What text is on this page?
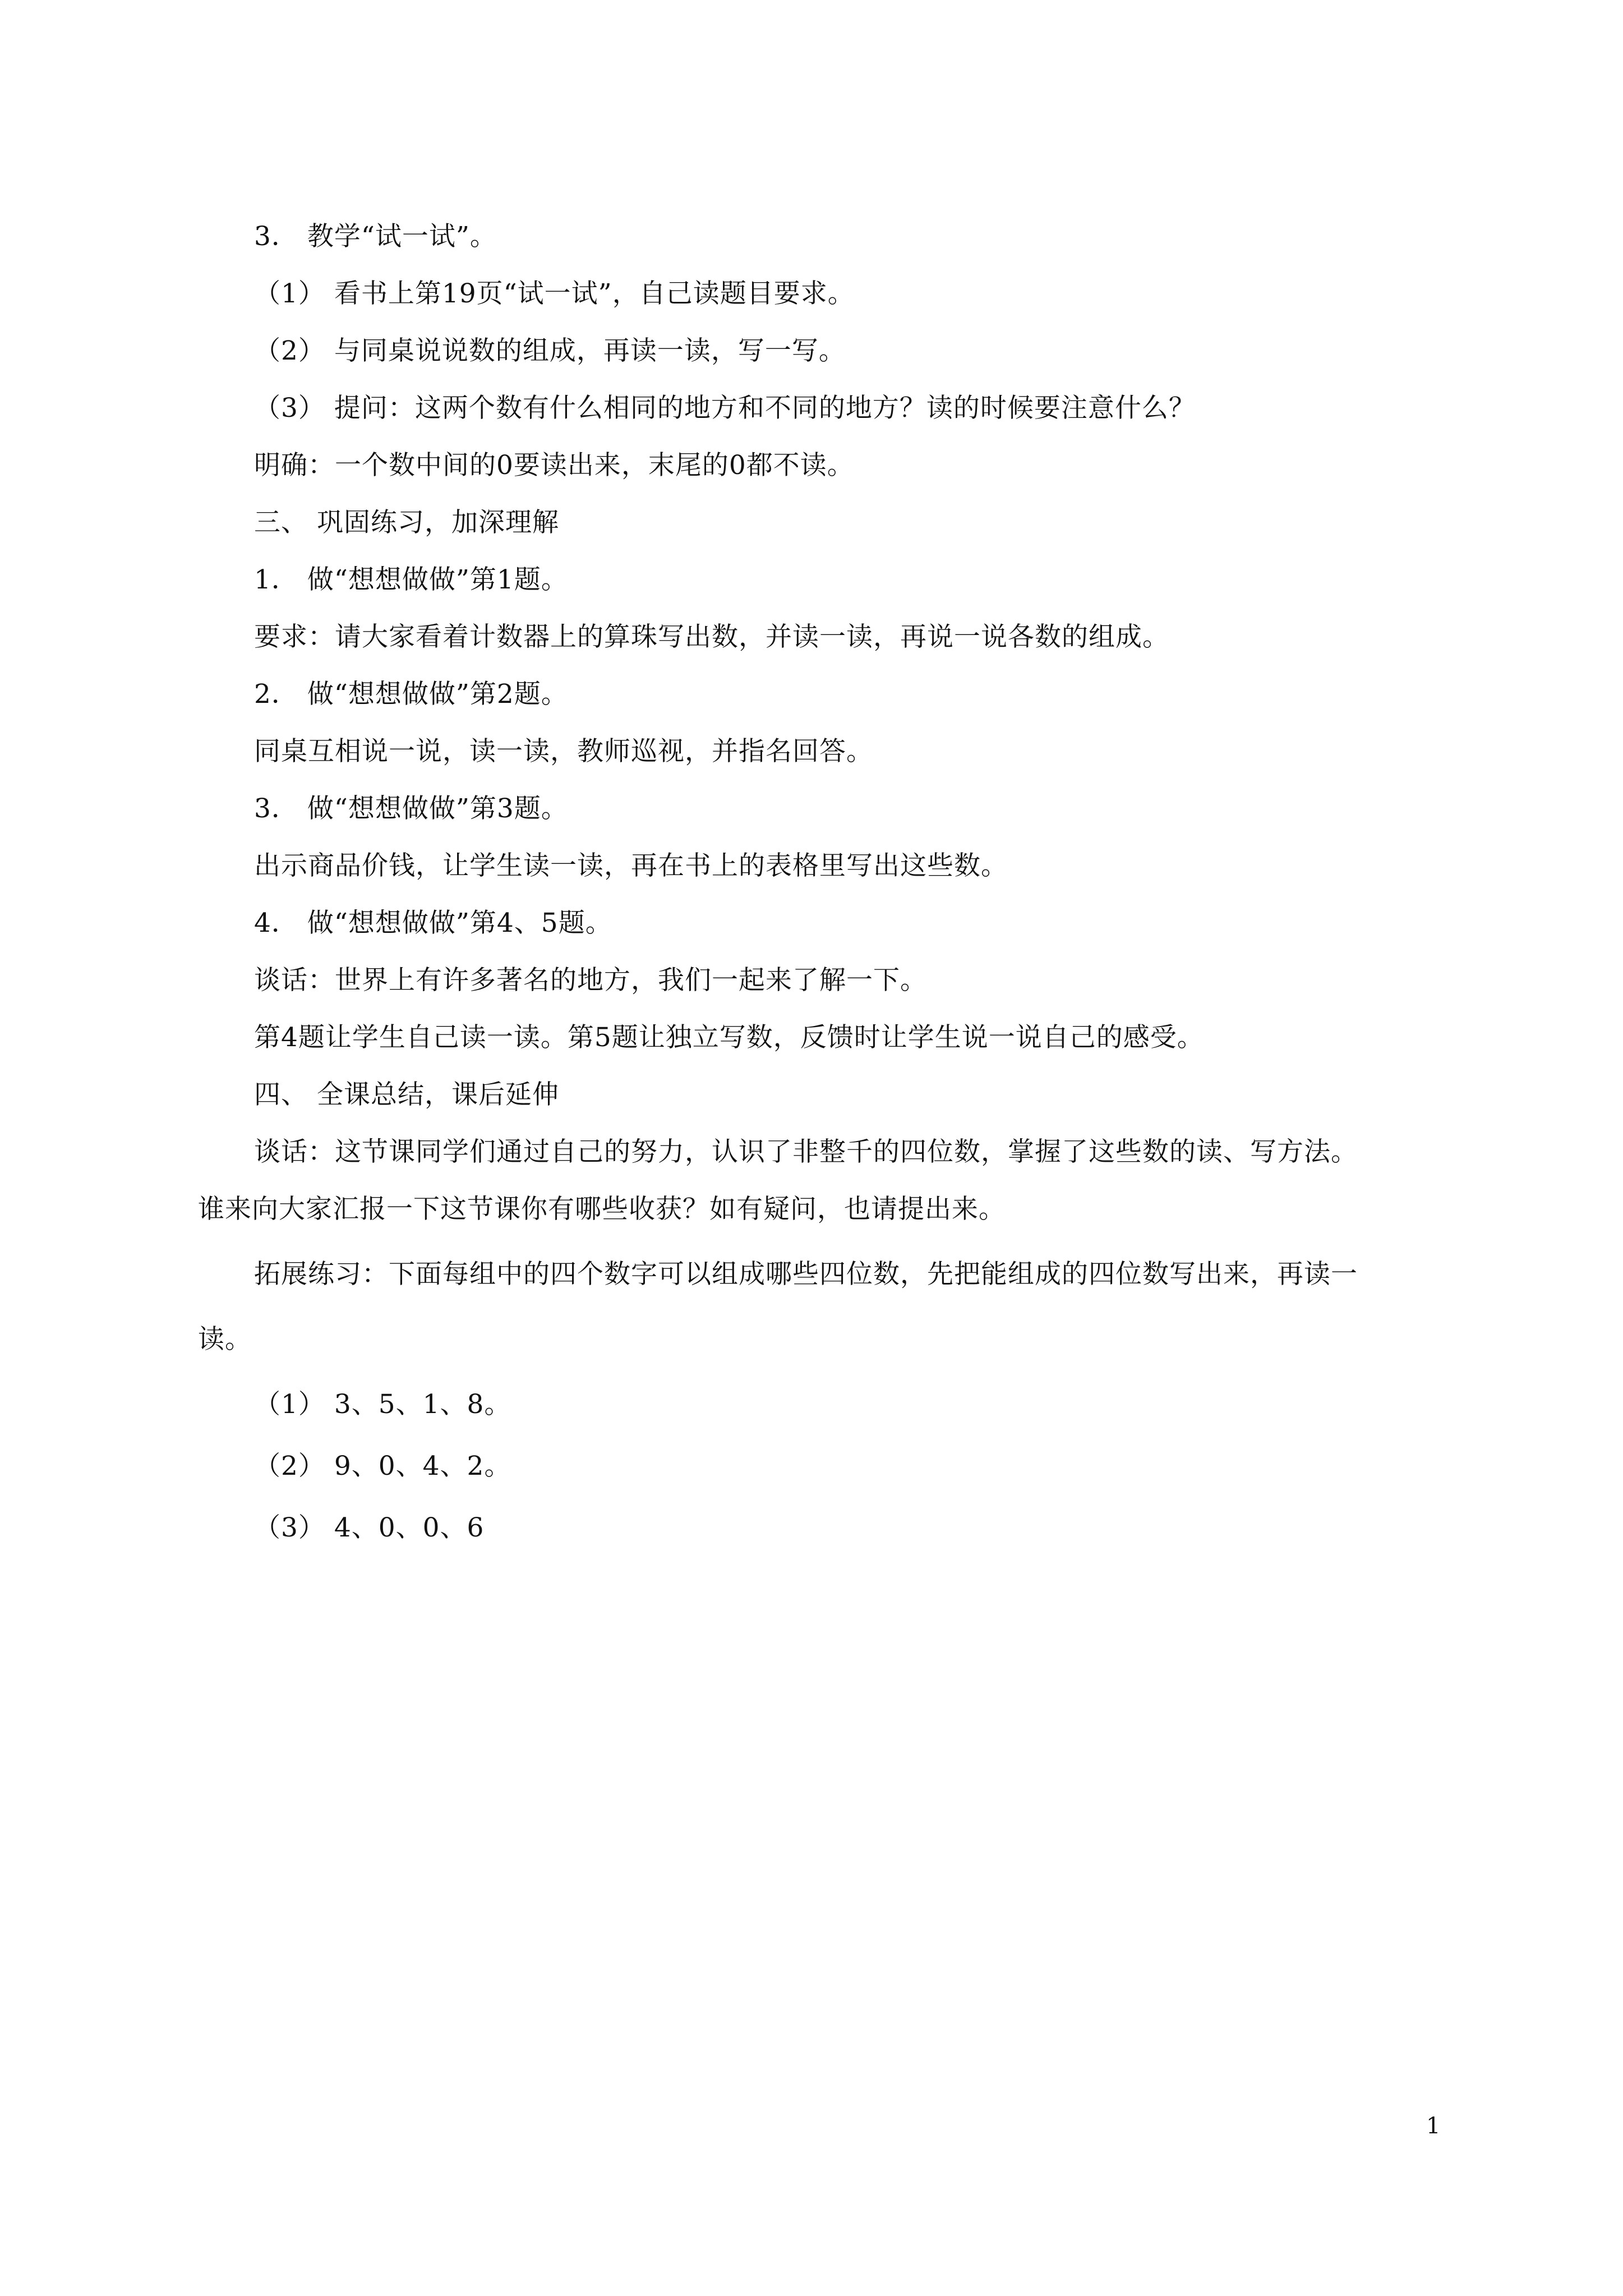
3． 教学“试一试”。
（1） 看书上第19页“试一试”，自己读题目要求。
（2） 与同桌说说数的组成，再读一读，写一写。
（3） 提问：这两个数有什么相同的地方和不同的地方？读的时候要注意什么？
明确：一个数中间的0要读出来，末尾的0都不读。
三、 巩固练习，加深理解
1． 做“想想做做”第1题。
要求：请大家看着计数器上的算珠写出数，并读一读，再说一说各数的组成。
2． 做“想想做做”第2题。
同桌互相说一说，读一读，教师巡视，并指名回答。
3． 做“想想做做”第3题。
出示商品价钱，让学生读一读，再在书上的表格里写出这些数。
4． 做“想想做做”第4、5题。
谈话：世界上有许多著名的地方，我们一起来了解一下。
第4题让学生自己读一读。第5题让独立写数，反馈时让学生说一说自己的感受。
四、 全课总结，课后延伸
谈话：这节课同学们通过自己的努力，认识了非整千的四位数，掌握了这些数的读、写方法。
谁来向大家汇报一下这节课你有哪些收获？如有疑问，也请提出来。
拓展练习：下面每组中的四个数字可以组成哪些四位数，先把能组成的四位数写出来，再读一
读。
（1） 3、5、1、8。
（2） 9、0、4、2。
（3） 4、0、0、6
1
